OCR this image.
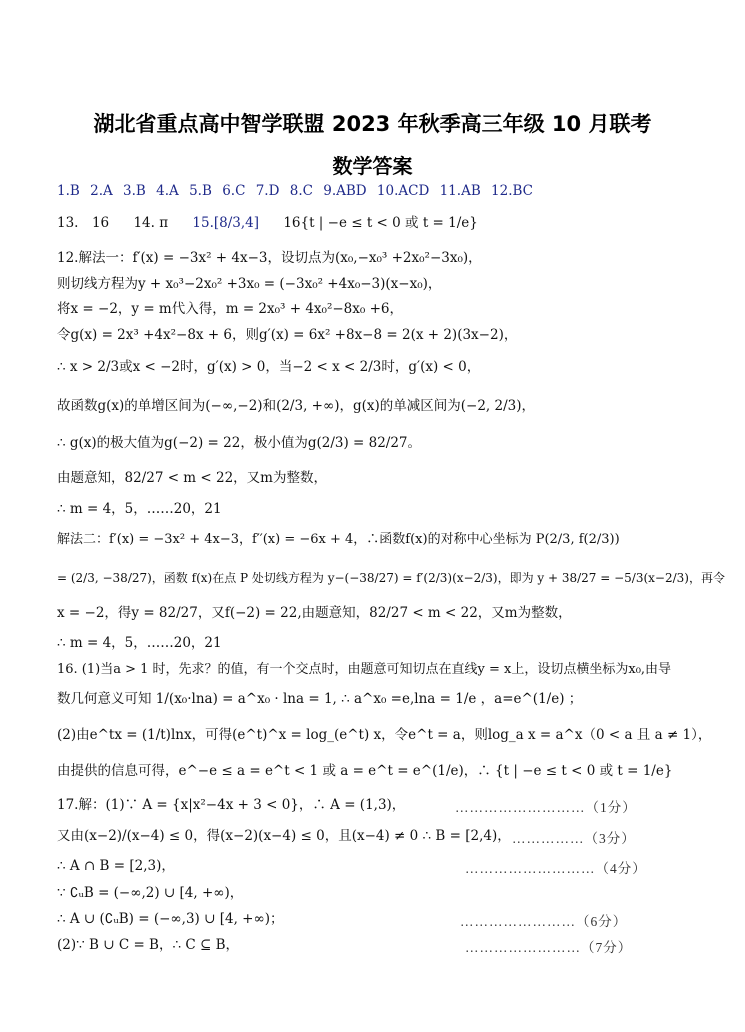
湖北省重点高中智学联盟 2023 年秋季高三年级 10 月联考
数学答案
1.B 2.A 3.B 4.A 5.B 6.C 7.D 8.C 9.ABD 10.ACD 11.AB 12.BC
13.　16 14. π 15.[8/3,4] 16{t | −e ≤ t < 0 或 t = 1/e}
12.解法一：f′(x) = −3x² + 4x−3，设切点为(x₀,−x₀³ +2x₀²−3x₀)，
则切线方程为y + x₀³−2x₀² +3x₀ = (−3x₀² +4x₀−3)(x−x₀)，
将x = −2，y = m代入得，m = 2x₀³ + 4x₀²−8x₀ +6，
令g(x) = 2x³ +4x²−8x + 6，则g′(x) = 6x² +8x−8 = 2(x + 2)(3x−2)，
∴ x > 2/3或x < −2时，g′(x) > 0，当−2 < x < 2/3时，g′(x) < 0，
故函数g(x)的单增区间为(−∞,−2)和(2/3, +∞)，g(x)的单减区间为(−2, 2/3)，
∴ g(x)的极大值为g(−2) = 22，极小值为g(2/3) = 82/27。
由题意知，82/27 < m < 22，又m为整数，
∴ m = 4，5，……20，21
解法二：f′(x) = −3x² + 4x−3，f′′(x) = −6x + 4，∴函数f(x)的对称中心坐标为 P(2/3, f(2/3))
= (2/3, −38/27)，函数 f(x)在点 P 处切线方程为 y−(−38/27) = f′(2/3)(x−2/3)，即为 y + 38/27 = −5/3(x−2/3)，再令
x = −2，得y = 82/27，又f(−2) = 22,由题意知，82/27 < m < 22，又m为整数，
∴ m = 4，5，……20，21
16. (1)当a > 1 时，先求？的值，有一个交点时，由题意可知切点在直线y = x上，设切点横坐标为x₀,由导
数几何意义可知 1/(x₀·lna) = a^x₀ · lna = 1, ∴ a^x₀ =e,lna = 1/e ，a=e^(1/e) ；
(2)由e^tx = (1/t)lnx，可得(e^t)^x = log_(e^t) x，令e^t = a，则log_a x = a^x（0 < a 且 a ≠ 1），
由提供的信息可得，e^−e ≤ a = e^t < 1 或 a = e^t = e^(1/e)，∴ {t | −e ≤ t < 0 或 t = 1/e}
17.解：(1)∵ A = {x|x²−4x + 3 < 0}，∴ A = (1,3)，	………………………（1分）
又由(x−2)/(x−4) ≤ 0，得(x−2)(x−4) ≤ 0，且(x−4) ≠ 0 ∴ B = [2,4)， ……………（3分）
∴ A ∩ B = [2,3)，	………………………（4分）
∵ ∁ᵤB = (−∞,2) ∪ [4, +∞)，
∴ A ∪ (∁ᵤB) = (−∞,3) ∪ [4, +∞)；	……………………（6分）
(2)∵ B ∪ C = B，∴ C ⊆ B，	……………………（7分）
